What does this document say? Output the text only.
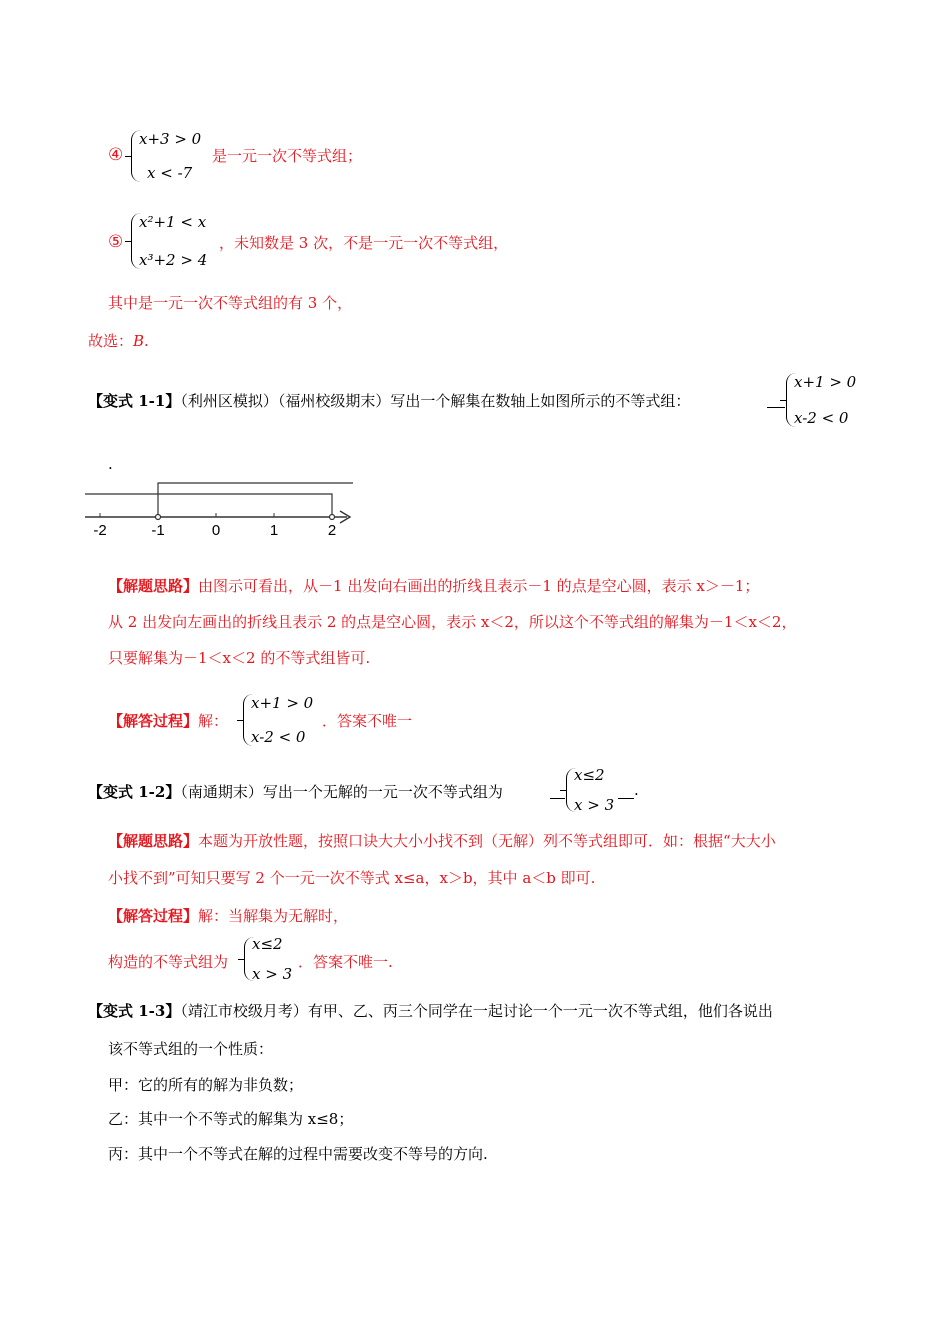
④
x+3 > 0
x < -7
是一元一次不等式组；
⑤
x²+1 < x
x³+2 > 4
，未知数是 3 次，不是一元一次不等式组，
其中是一元一次不等式组的有 3 个，
故选：B.
【变式 1-1】（利州区模拟）（福州校级期末）写出一个解集在数轴上如图所示的不等式组：
x+1 > 0
x-2 < 0
.
-2	-1	0	1	2
【解题思路】由图示可看出，从－1 出发向右画出的折线且表示－1 的点是空心圆，表示 x＞－1；
从 2 出发向左画出的折线且表示 2 的点是空心圆，表示 x＜2，所以这个不等式组的解集为－1＜x＜2，
只要解集为－1＜x＜2 的不等式组皆可.
【解答过程】解：
x+1 > 0
x-2 < 0
．答案不唯一
【变式 1-2】（南通期末）写出一个无解的一元一次不等式组为
x≤2
x > 3
.
【解题思路】本题为开放性题，按照口诀大大小小找不到（无解）列不等式组即可．如：根据“大大小
小找不到”可知只要写 2 个一元一次不等式 x≤a，x＞b，其中 a＜b 即可.
【解答过程】解：当解集为无解时，
构造的不等式组为
x≤2
x > 3
．答案不唯一.
【变式 1-3】（靖江市校级月考）有甲、乙、丙三个同学在一起讨论一个一元一次不等式组，他们各说出
该不等式组的一个性质：
甲：它的所有的解为非负数；
乙：其中一个不等式的解集为 x≤8；
丙：其中一个不等式在解的过程中需要改变不等号的方向.
